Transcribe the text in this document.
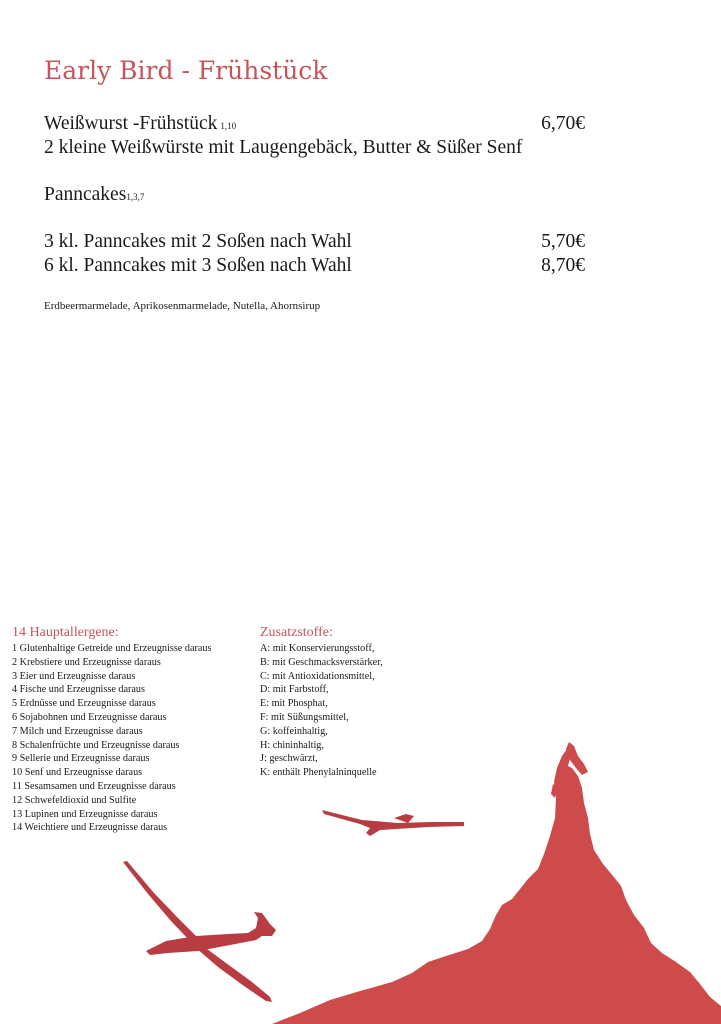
Early Bird - Frühstück
Weißwurst -Frühstück 1,10	6,70€
2 kleine Weißwürste mit Laugengebäck, Butter & Süßer Senf
Panncakes1,3,7
3 kl. Panncakes mit 2 Soßen nach Wahl	5,70€
6 kl. Panncakes mit 3 Soßen nach Wahl	8,70€
Erdbeermarmelade, Aprikosenmarmelade, Nutella, Ahornsirup
14 Hauptallergene:
1 Glutenhaltige Getreide und Erzeugnisse daraus
2 Krebstiere und Erzeugnisse daraus
3 Eier und Erzeugnisse daraus
4 Fische und Erzeugnisse daraus
5 Erdnüsse und Erzeugnisse daraus
6 Sojabohnen und Erzeugnisse daraus
7 Milch und Erzeugnisse daraus
8 Schalenfrüchte und Erzeugnisse daraus
9 Sellerie und Erzeugnisse daraus
10 Senf und Erzeugnisse daraus
11 Sesamsamen und Erzeugnisse daraus
12 Schwefeldioxid und Sulfite
13 Lupinen und Erzeugnisse daraus
14 Weichtiere und Erzeugnisse daraus
Zusatzstoffe:
A: mit Konservierungsstoff,
B: mit Geschmacksverstärker,
C: mit Antioxidationsmittel,
D: mit Farbstoff,
E: mit Phosphat,
F: mit Süßungsmittel,
G: koffeinhaltig,
H: chininhaltig,
J: geschwärzt,
K: enthält Phenylalninquelle
